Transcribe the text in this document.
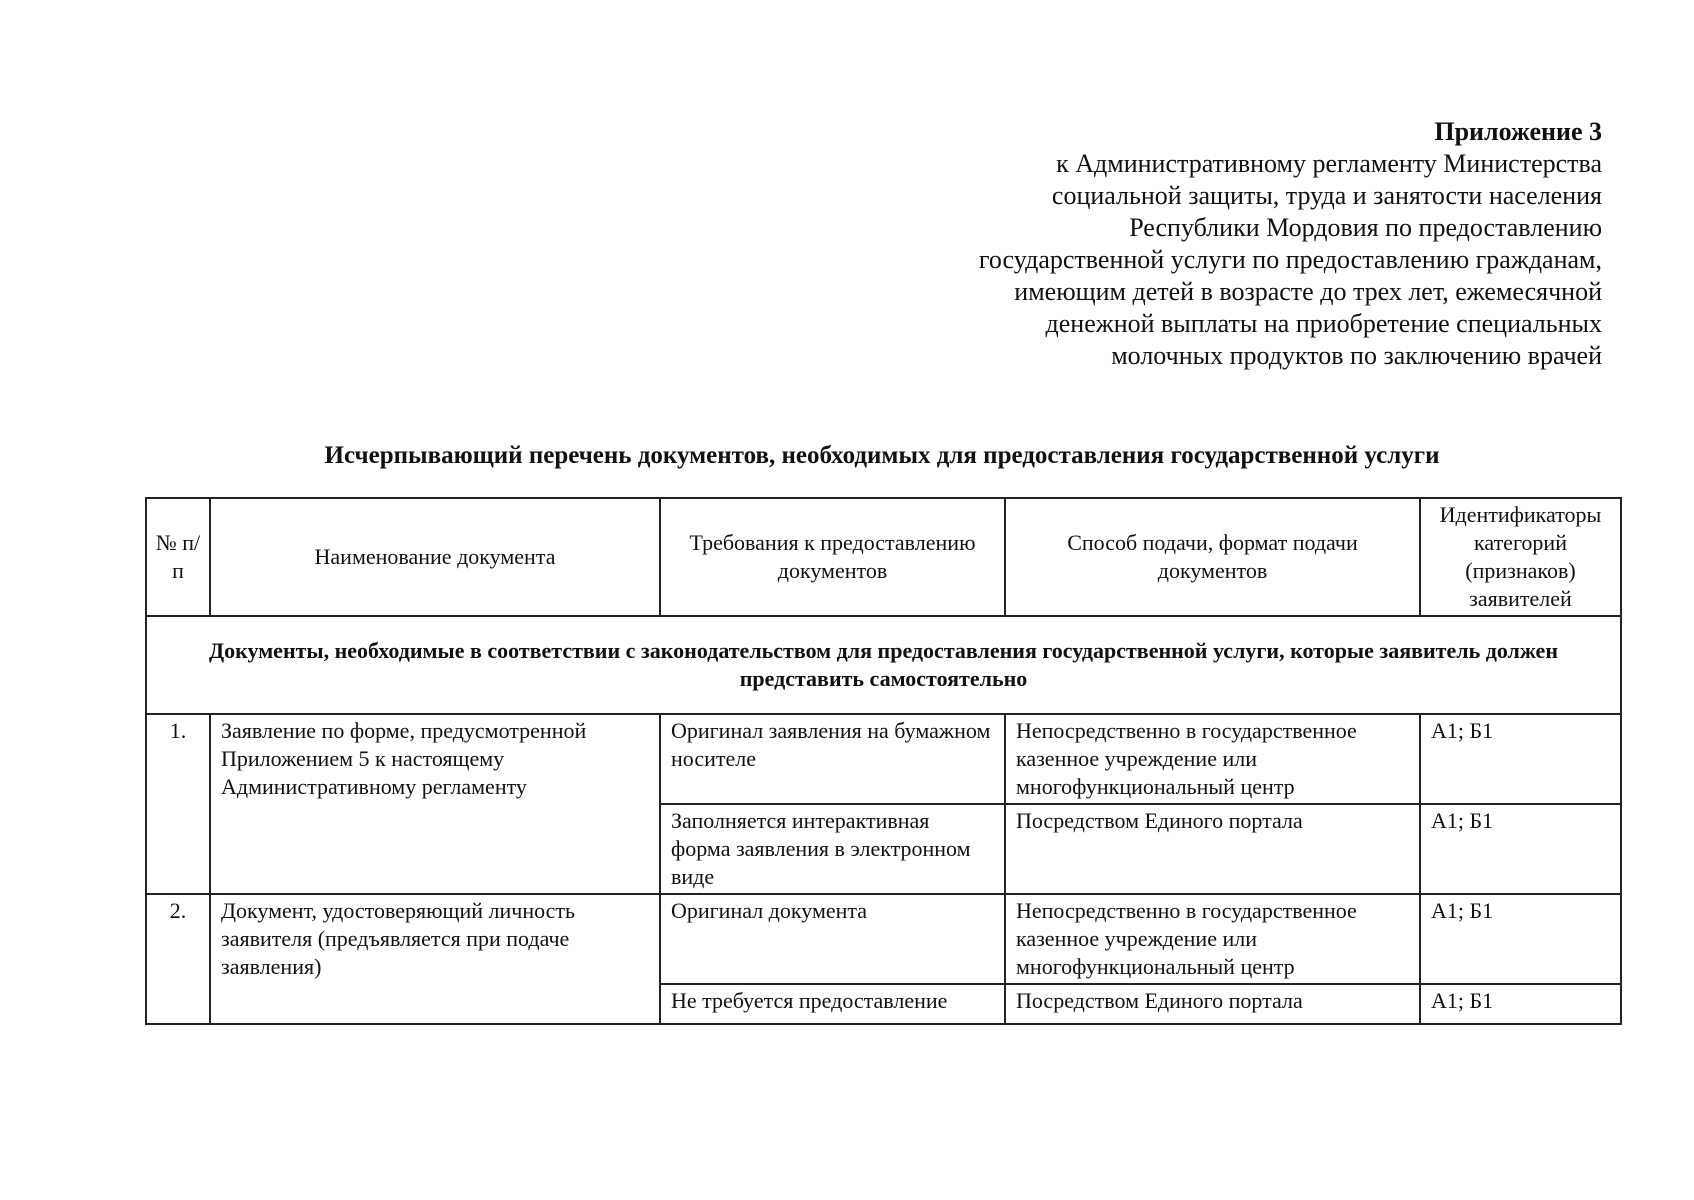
Приложение 3
к Административному регламенту Министерства
социальной защиты, труда и занятости населения
Республики Мордовия по предоставлению
государственной услуги по предоставлению гражданам,
имеющим детей в возрасте до трех лет, ежемесячной
денежной выплаты на приобретение специальных
молочных продуктов по заключению врачей
Исчерпывающий перечень документов, необходимых для предоставления государственной услуги
№ п/п	Наименование документа	Требования к предоставлению документов	Способ подачи, формат подачи документов	Идентификаторы категорий (признаков) заявителей
Документы, необходимые в соответствии с законодательством для предоставления государственной услуги, которые заявитель должен представить самостоятельно				
1.	Заявление по форме, предусмотренной Приложением 5 к настоящему Административному регламенту	Оригинал заявления на бумажном носителе	Непосредственно в государственное казенное учреждение или многофункциональный центр	А1; Б1
		Заполняется интерактивная форма заявления в электронном виде	Посредством Единого портала	А1; Б1
2.	Документ, удостоверяющий личность заявителя (предъявляется при подаче заявления)	Оригинал документа	Непосредственно в государственное казенное учреждение или многофункциональный центр	А1; Б1
		Не требуется предоставление	Посредством Единого портала	А1; Б1
